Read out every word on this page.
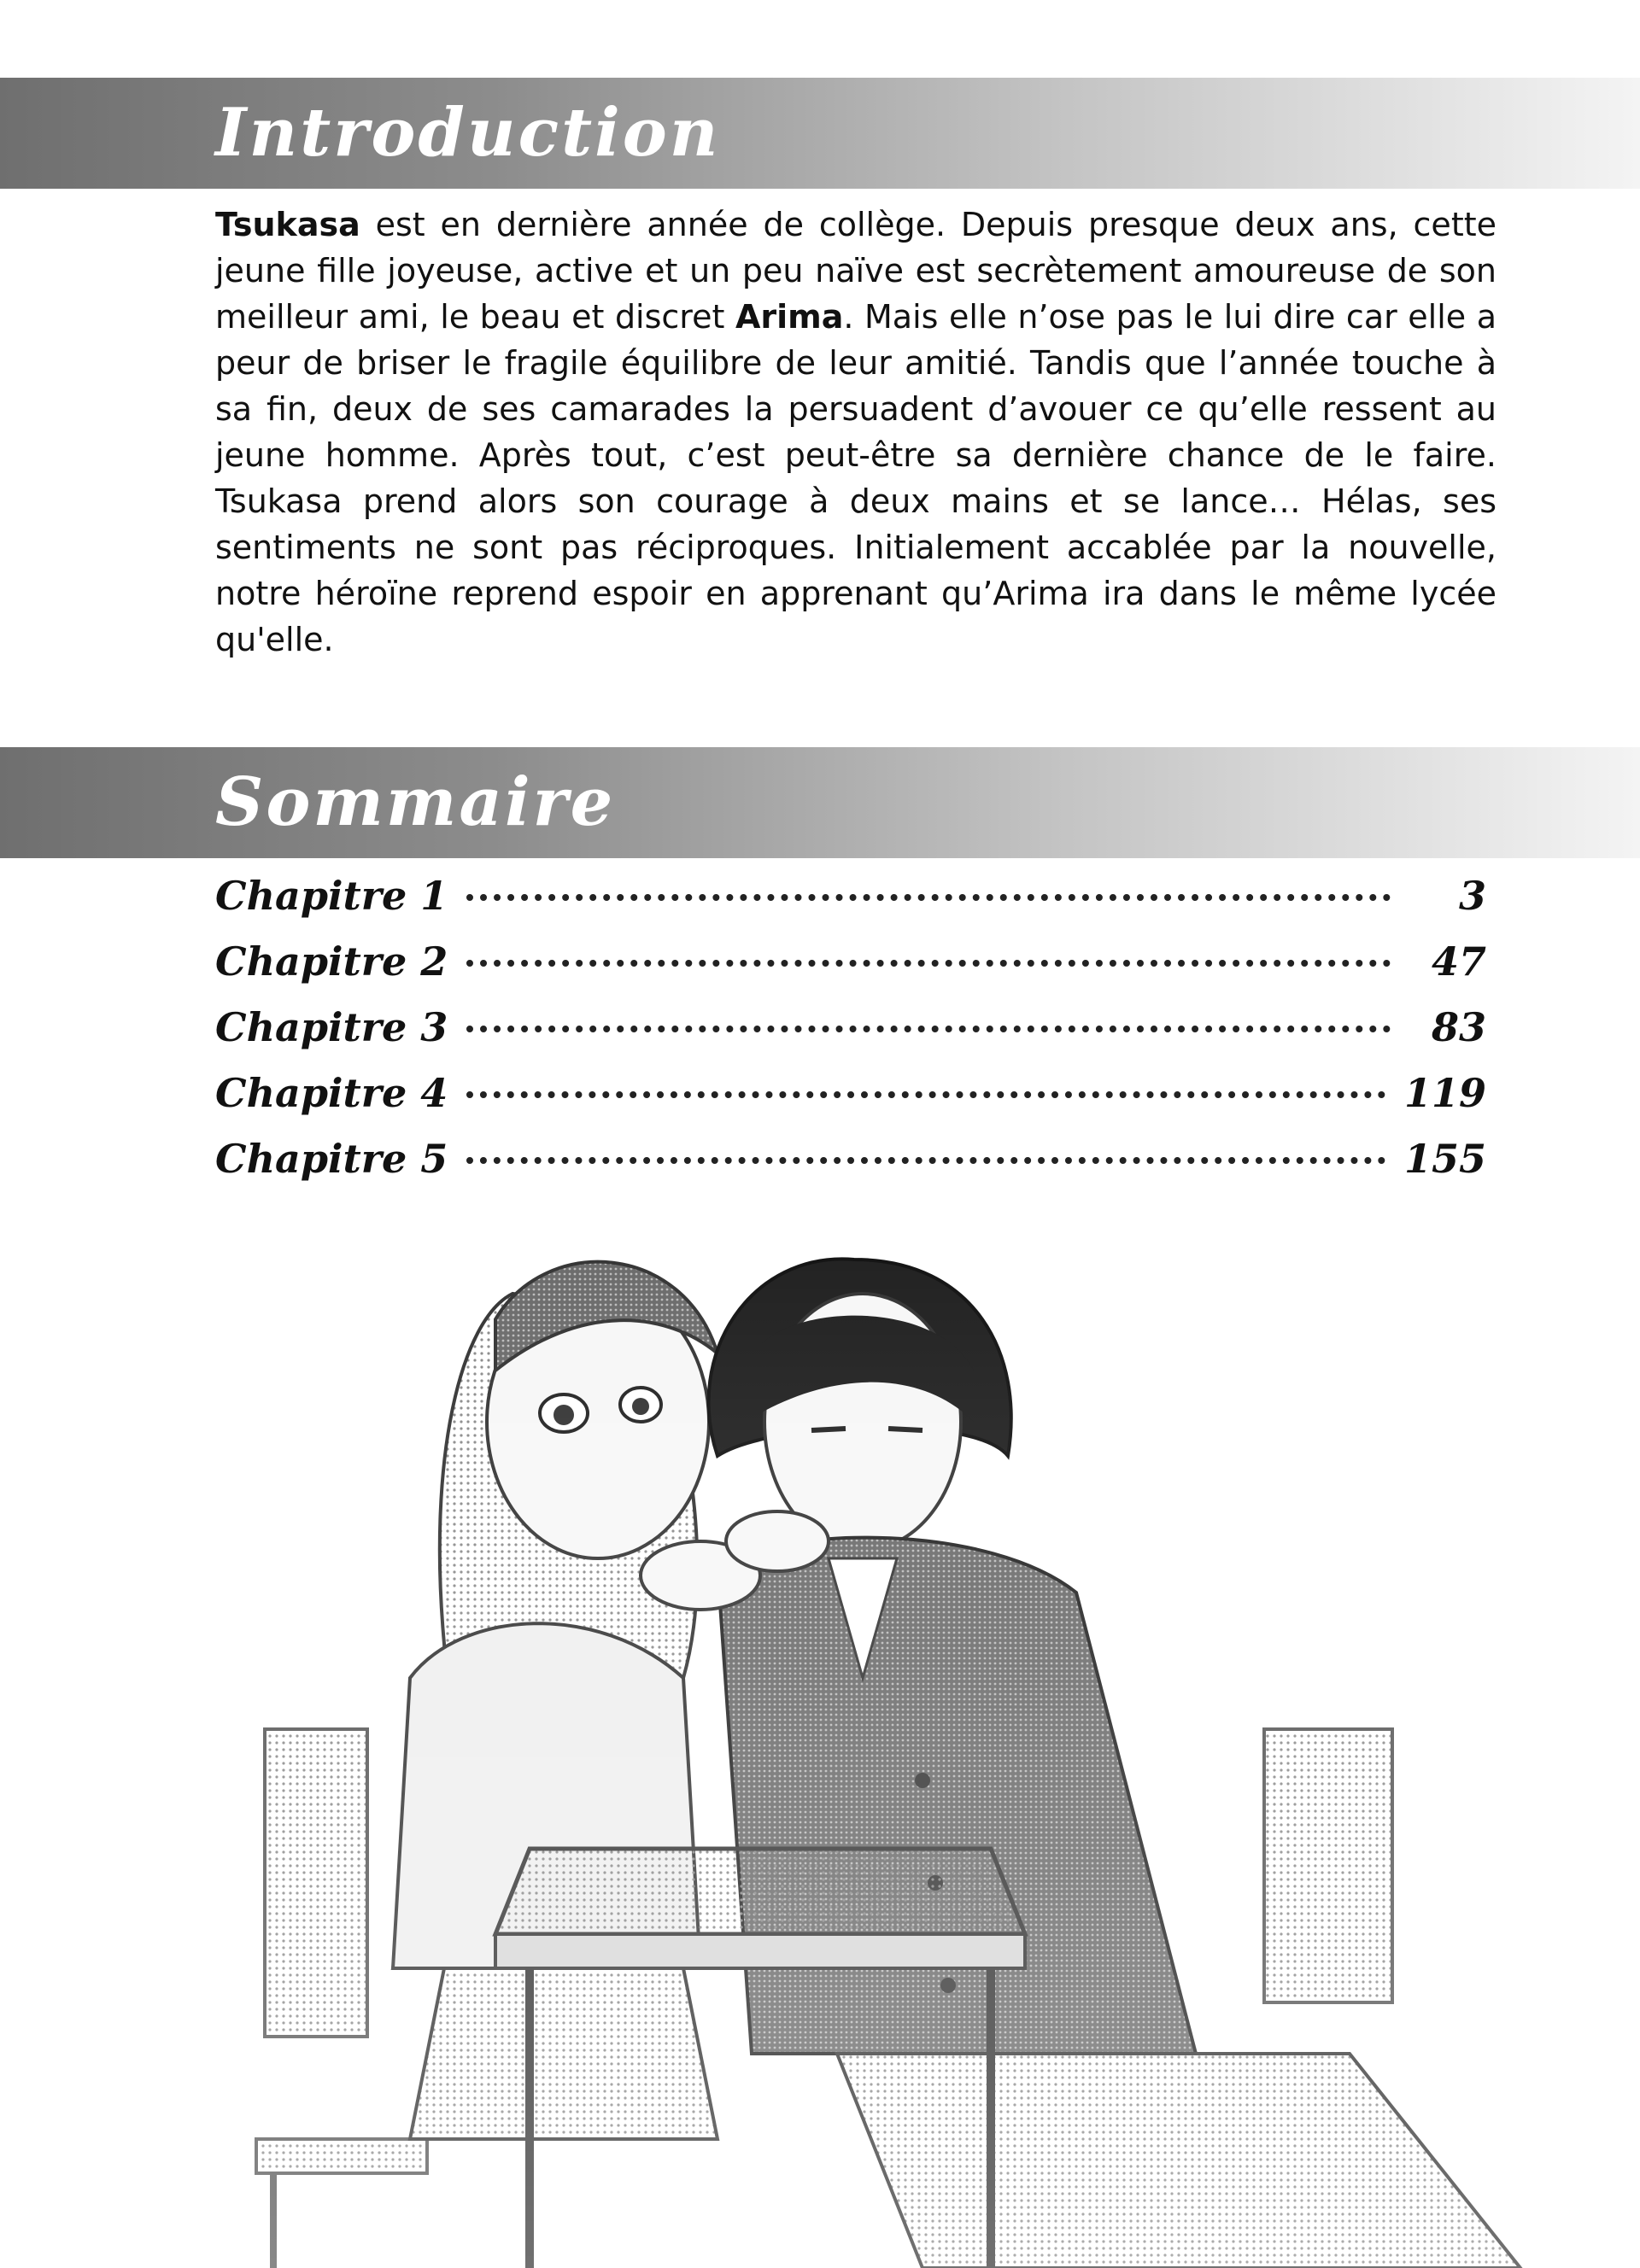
Introduction

Tsukasa est en dernière année de collège. Depuis presque deux ans, cette jeune fille joyeuse, active et un peu naïve est secrètement amoureuse de son meilleur ami, le beau et discret Arima. Mais elle n’ose pas le lui dire car elle a peur de briser le fragile équilibre de leur amitié. Tandis que l’année touche à sa fin, deux de ses camarades la persuadent d’avouer ce qu’elle ressent au jeune homme. Après tout, c’est peut-être sa dernière chance de le faire. Tsukasa prend alors son courage à deux mains et se lance… Hélas, ses sentiments ne sont pas réciproques. Initialement accablée par la nouvelle, notre héroïne reprend espoir en apprenant qu’Arima ira dans le même lycée qu'elle.

Sommaire
Chapitre 1	3
Chapitre 2	47
Chapitre 3	83
Chapitre 4	119
Chapitre 5	155
